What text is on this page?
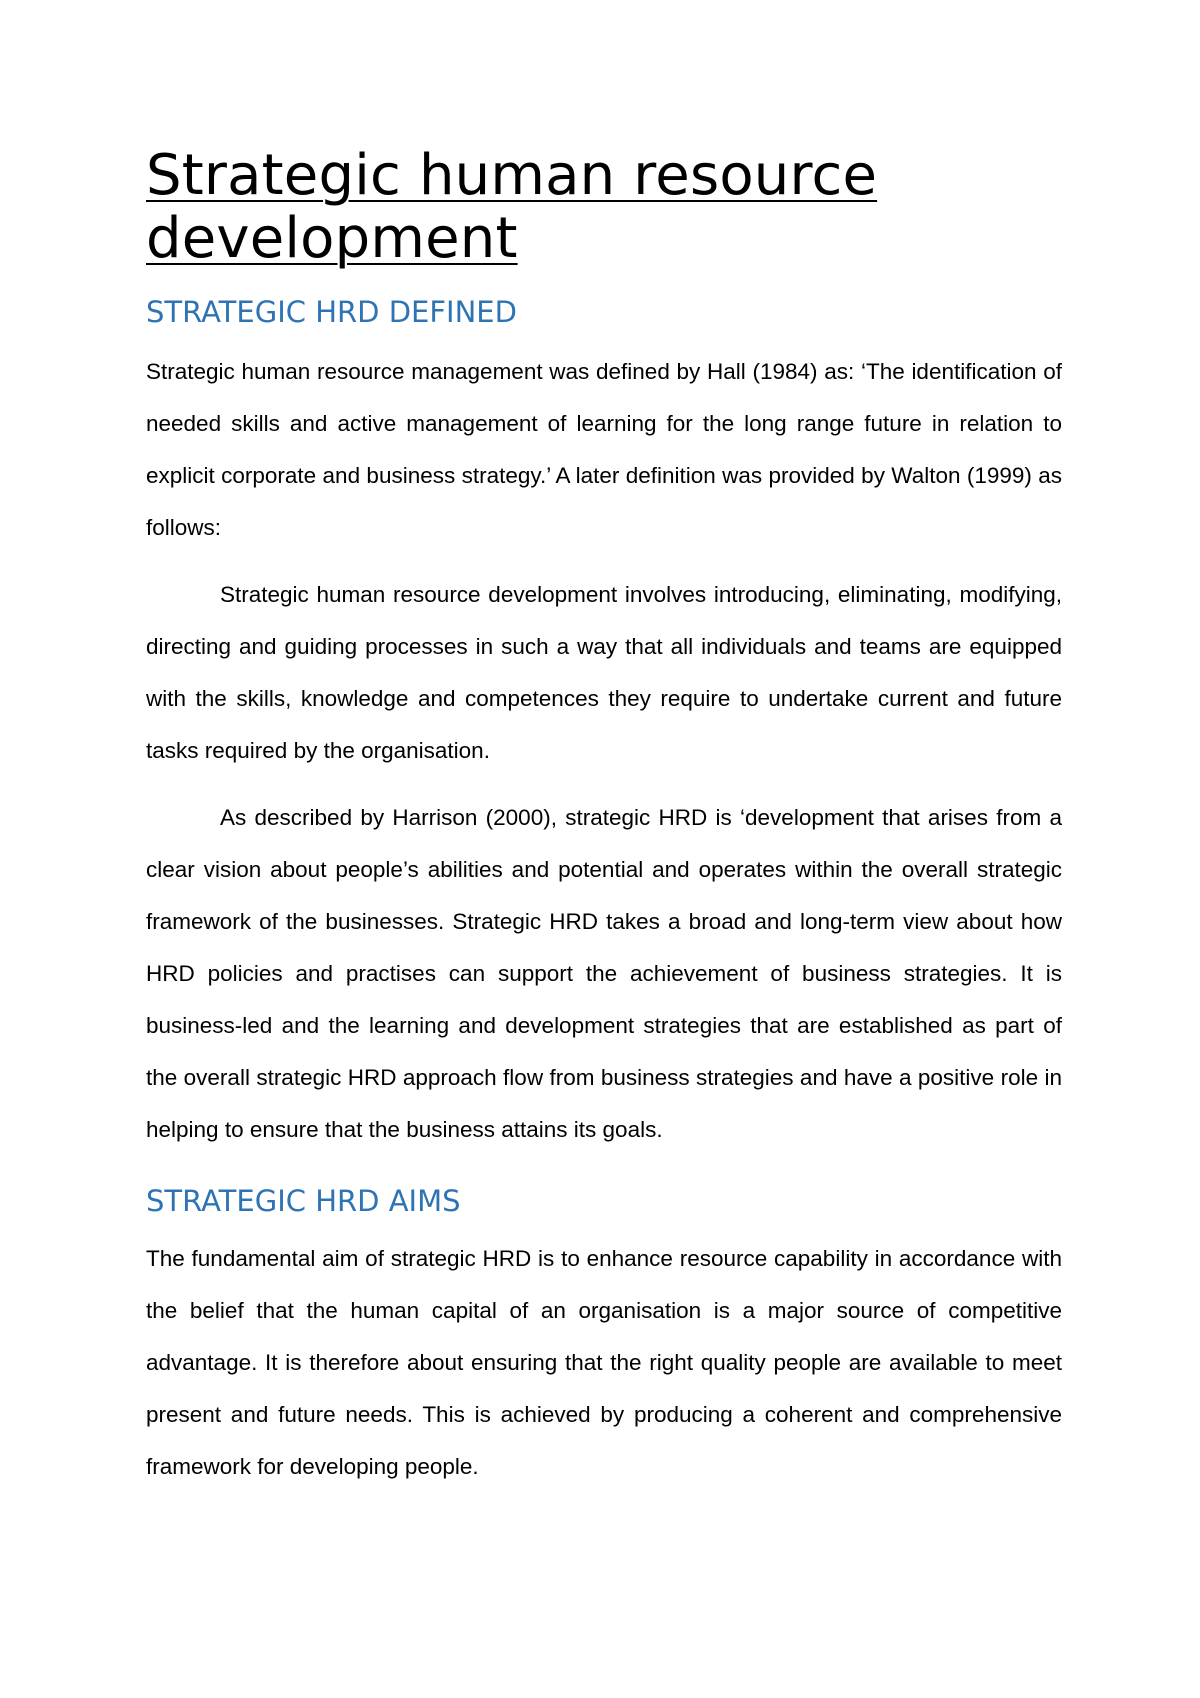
Strategic human resource development
STRATEGIC HRD DEFINED

Strategic human resource management was defined by Hall (1984) as: ‘The identification of needed skills and active management of learning for the long range future in relation to explicit corporate and business strategy.’ A later definition was provided by Walton (1999) as follows:

Strategic human resource development involves introducing, eliminating, modifying, directing and guiding processes in such a way that all individuals and teams are equipped with the skills, knowledge and competences they require to undertake current and future tasks required by the organisation.

As described by Harrison (2000), strategic HRD is ‘development that arises from a clear vision about people’s abilities and potential and operates within the overall strategic framework of the businesses. Strategic HRD takes a broad and long-term view about how HRD policies and practises can support the achievement of business strategies. It is business-led and the learning and development strategies that are established as part of the overall strategic HRD approach flow from business strategies and have a positive role in helping to ensure that the business attains its goals.

STRATEGIC HRD AIMS

The fundamental aim of strategic HRD is to enhance resource capability in accordance with the belief that the human capital of an organisation is a major source of competitive advantage. It is therefore about ensuring that the right quality people are available to meet present and future needs. This is achieved by producing a coherent and comprehensive framework for developing people.
